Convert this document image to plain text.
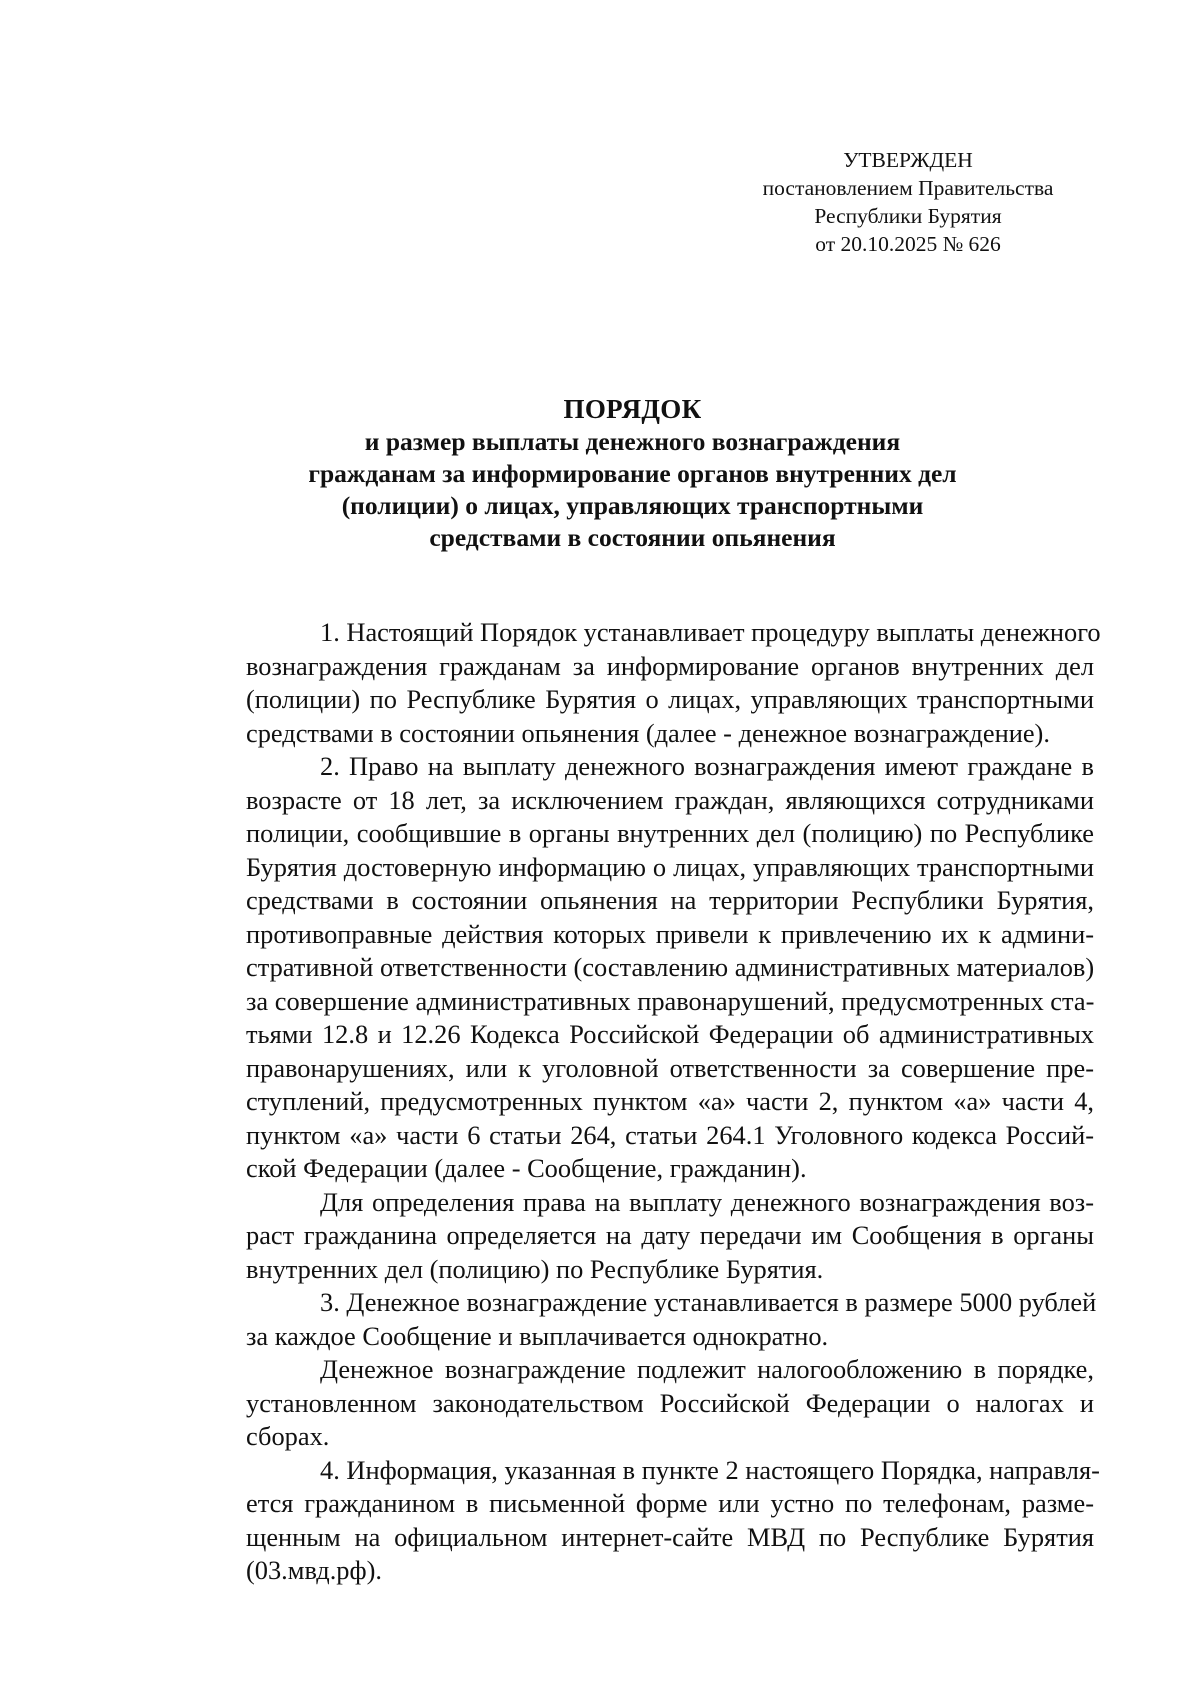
УТВЕРЖДЕН
постановлением Правительства
Республики Бурятия
от 20.10.2025 № 626
ПОРЯДОК
и размер выплаты денежного вознаграждения
гражданам за информирование органов внутренних дел
(полиции) о лицах, управляющих транспортными
средствами в состоянии опьянения
1. Настоящий Порядок устанавливает процедуру выплаты денежного
вознаграждения гражданам за информирование органов внутренних дел
(полиции) по Республике Бурятия о лицах, управляющих транспортными
средствами в состоянии опьянения (далее - денежное вознаграждение).
2. Право на выплату денежного вознаграждения имеют граждане в
возрасте от 18 лет, за исключением граждан, являющихся сотрудниками
полиции, сообщившие в органы внутренних дел (полицию) по Республике
Бурятия достоверную информацию о лицах, управляющих транспортными
средствами в состоянии опьянения на территории Республики Бурятия,
противоправные действия которых привели к привлечению их к админи-
стративной ответственности (составлению административных материалов)
за совершение административных правонарушений, предусмотренных ста-
тьями 12.8 и 12.26 Кодекса Российской Федерации об административных
правонарушениях, или к уголовной ответственности за совершение пре-
ступлений, предусмотренных пунктом «а» части 2, пунктом «а» части 4,
пунктом «а» части 6 статьи 264, статьи 264.1 Уголовного кодекса Россий-
ской Федерации (далее - Сообщение, гражданин).
Для определения права на выплату денежного вознаграждения воз-
раст гражданина определяется на дату передачи им Сообщения в органы
внутренних дел (полицию) по Республике Бурятия.
3. Денежное вознаграждение устанавливается в размере 5000 рублей
за каждое Сообщение и выплачивается однократно.
Денежное вознаграждение подлежит налогообложению в порядке,
установленном законодательством Российской Федерации о налогах и
сборах.
4. Информация, указанная в пункте 2 настоящего Порядка, направля-
ется гражданином в письменной форме или устно по телефонам, разме-
щенным на официальном интернет-сайте МВД по Республике Бурятия
(03.мвд.рф).
